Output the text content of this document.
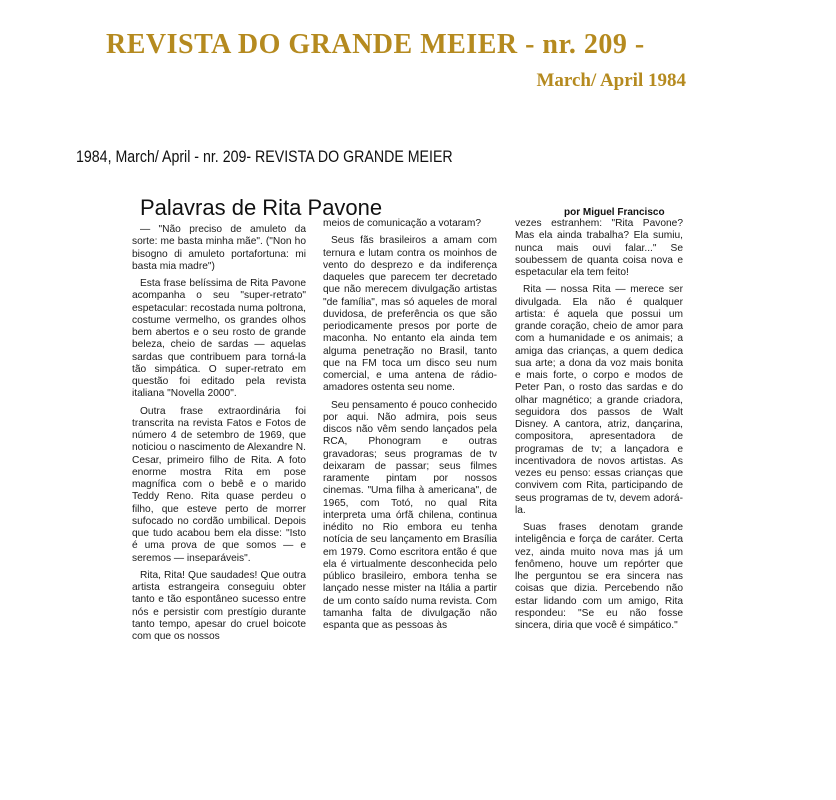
REVISTA DO GRANDE MEIER - nr. 209 -
March/ April 1984
1984, March/ April - nr. 209- REVISTA DO GRANDE MEIER
Palavras de Rita Pavone	por Miguel Francisco

— "Não preciso de amuleto da sorte: me basta minha mãe". ("Non ho bisogno di amuleto portafortuna: mi basta mia madre")

Esta frase belíssima de Rita Pavone acompanha o seu "super-retrato" espetacular: recostada numa poltrona, costume vermelho, os grandes olhos bem abertos e o seu rosto de grande beleza, cheio de sardas — aquelas sardas que contribuem para torná-la tão simpática. O super-retrato em questão foi editado pela revista italiana "Novella 2000".

Outra frase extraordinária foi transcrita na revista Fatos e Fotos de número 4 de setembro de 1969, que noticiou o nascimento de Alexandre N. Cesar, primeiro filho de Rita. A foto enorme mostra Rita em pose magnífica com o bebê e o marido Teddy Reno. Rita quase perdeu o filho, que esteve perto de morrer sufocado no cordão umbilical. Depois que tudo acabou bem ela disse: "Isto é uma prova de que somos — e seremos — inseparáveis".

Rita, Rita! Que saudades! Que outra artista estrangeira conseguiu obter tanto e tão espontâneo sucesso entre nós e persistir com prestígio durante tanto tempo, apesar do cruel boicote com que os nossos

meios de comunicação a votaram?

Seus fãs brasileiros a amam com ternura e lutam contra os moinhos de vento do desprezo e da indiferença daqueles que parecem ter decretado que não merecem divulgação artistas "de família", mas só aqueles de moral duvidosa, de preferência os que são periodicamente presos por porte de maconha. No entanto ela ainda tem alguma penetração no Brasil, tanto que na FM toca um disco seu num comercial, e uma antena de rádio-amadores ostenta seu nome.

Seu pensamento é pouco conhecido por aqui. Não admira, pois seus discos não vêm sendo lançados pela RCA, Phonogram e outras gravadoras; seus programas de tv deixaram de passar; seus filmes raramente pintam por nossos cinemas. "Uma filha à americana", de 1965, com Totó, no qual Rita interpreta uma órfã chilena, continua inédito no Rio embora eu tenha notícia de seu lançamento em Brasília em 1979. Como escritora então é que ela é virtualmente desconhecida pelo público brasileiro, embora tenha se lançado nesse mister na Itália a partir de um conto saído numa revista. Com tamanha falta de divulgação não espanta que as pessoas às

vezes estranhem: "Rita Pavone? Mas ela ainda trabalha? Ela sumiu, nunca mais ouvi falar..." Se soubessem de quanta coisa nova e espetacular ela tem feito!

Rita — nossa Rita — merece ser divulgada. Ela não é qualquer artista: é aquela que possui um grande coração, cheio de amor para com a humanidade e os animais; a amiga das crianças, a quem dedica sua arte; a dona da voz mais bonita e mais forte, o corpo e modos de Peter Pan, o rosto das sardas e do olhar magnético; a grande criadora, seguidora dos passos de Walt Disney. A cantora, atriz, dançarina, compositora, apresentadora de programas de tv; a lançadora e incentivadora de novos artistas. As vezes eu penso: essas crianças que convivem com Rita, participando de seus programas de tv, devem adorá-la.

Suas frases denotam grande inteligência e força de caráter. Certa vez, ainda muito nova mas já um fenômeno, houve um repórter que lhe perguntou se era sincera nas coisas que dizia. Percebendo não estar lidando com um amigo, Rita respondeu: "Se eu não fosse sincera, diria que você é simpático."
